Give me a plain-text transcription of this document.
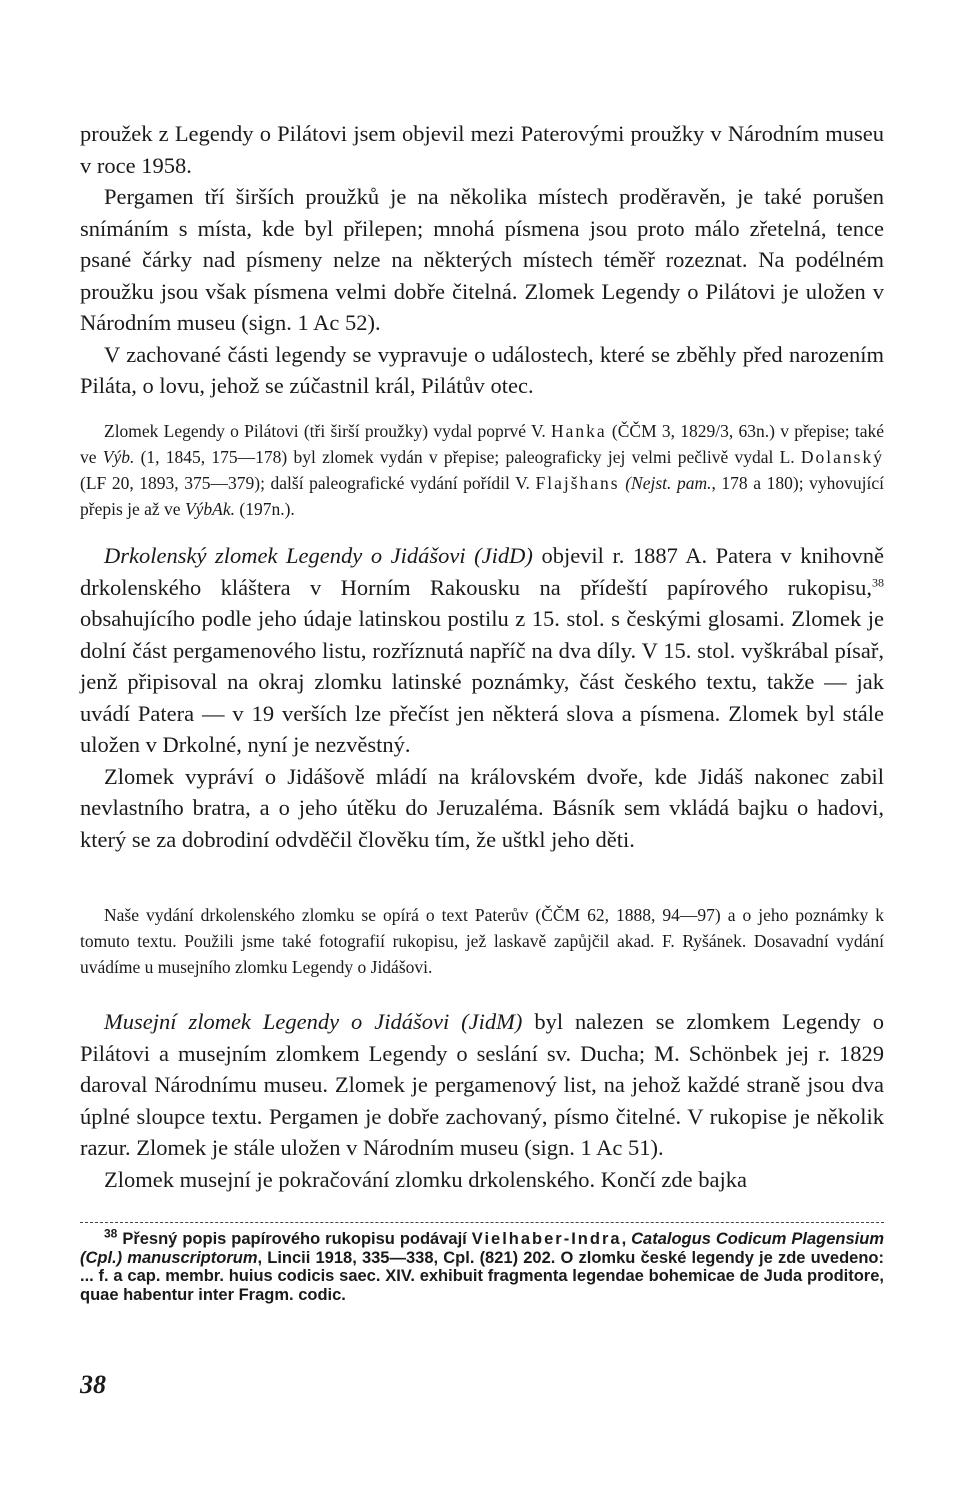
proužek z Legendy o Pilátovi jsem objevil mezi Paterovými proužky v Národním museu v roce 1958.

Pergamen tří širších proužků je na několika místech proděravěn, je také porušen snímáním s místa, kde byl přilepen; mnohá písmena jsou proto málo zřetelná, tence psané čárky nad písmeny nelze na některých místech téměř rozeznat. Na podélném proužku jsou však písmena velmi dobře čitelná. Zlomek Legendy o Pilátovi je uložen v Národním museu (sign. 1 Ac 52).

V zachované části legendy se vypravuje o událostech, které se zběhly před narozením Piláta, o lovu, jehož se zúčastnil král, Pilátův otec.

Zlomek Legendy o Pilátovi (tři širší proužky) vydal poprvé V. Hanka (ČČM 3, 1829/3, 63n.) v přepise; také ve Výb. (1, 1845, 175—178) byl zlomek vydán v přepise; paleograficky jej velmi pečlivě vydal L. Dolanský (LF 20, 1893, 375—379); další paleografické vydání pořídil V. Flajšhans (Nejst. pam., 178 a 180); vyhovující přepis je až ve VýbAk. (197n.).

Drkolenský zlomek Legendy o Jidášovi (JidD) objevil r. 1887 A. Patera v knihovně drkolenského kláštera v Horním Rakousku na přídeští papírového rukopisu,$^{38}$ obsahujícího podle jeho údaje latinskou postilu z 15. stol. s českými glosami. Zlomek je dolní část pergamenového listu, rozříznutá napříč na dva díly. V 15. stol. vyškrábal písař, jenž připisoval na okraj zlomku latinské poznámky, část českého textu, takže — jak uvádí Patera — v 19 verších lze přečíst jen některá slova a písmena. Zlomek byl stále uložen v Drkolné, nyní je nezvěstný.

Zlomek vypráví o Jidášově mládí na královském dvoře, kde Jidáš nakonec zabil nevlastního bratra, a o jeho útěku do Jeruzaléma. Básník sem vkládá bajku o hadovi, který se za dobrodiní odvděčil člověku tím, že uštkl jeho děti.

Naše vydání drkolenského zlomku se opírá o text Paterův (ČČM 62, 1888, 94—97) a o jeho poznámky k tomuto textu. Použili jsme také fotografií rukopisu, jež laskavě zapůjčil akad. F. Ryšánek. Dosavadní vydání uvádíme u musejního zlomku Legendy o Jidášovi.

Musejní zlomek Legendy o Jidášovi (JidM) byl nalezen se zlomkem Legendy o Pilátovi a musejním zlomkem Legendy o seslání sv. Ducha; M. Schönbek jej r. 1829 daroval Národnímu museu. Zlomek je pergamenový list, na jehož každé straně jsou dva úplné sloupce textu. Pergamen je dobře zachovaný, písmo čitelné. V rukopise je několik razur. Zlomek je stále uložen v Národním museu (sign. 1 Ac 51).

Zlomek musejní je pokračování zlomku drkolenského. Končí zde bajka

$^{38}$ Přesný popis papírového rukopisu podávají Vielhaber-Indra, Catalogus Codicum Plagensium (Cpl.) manuscriptorum, Lincii 1918, 335—338, Cpl. (821) 202. O zlomku české legendy je zde uvedeno: ... f. a cap. membr. huius codicis saec. XIV. exhibuit fragmenta legendae bohemicae de Juda proditore, quae habentur inter Fragm. codic.

38
